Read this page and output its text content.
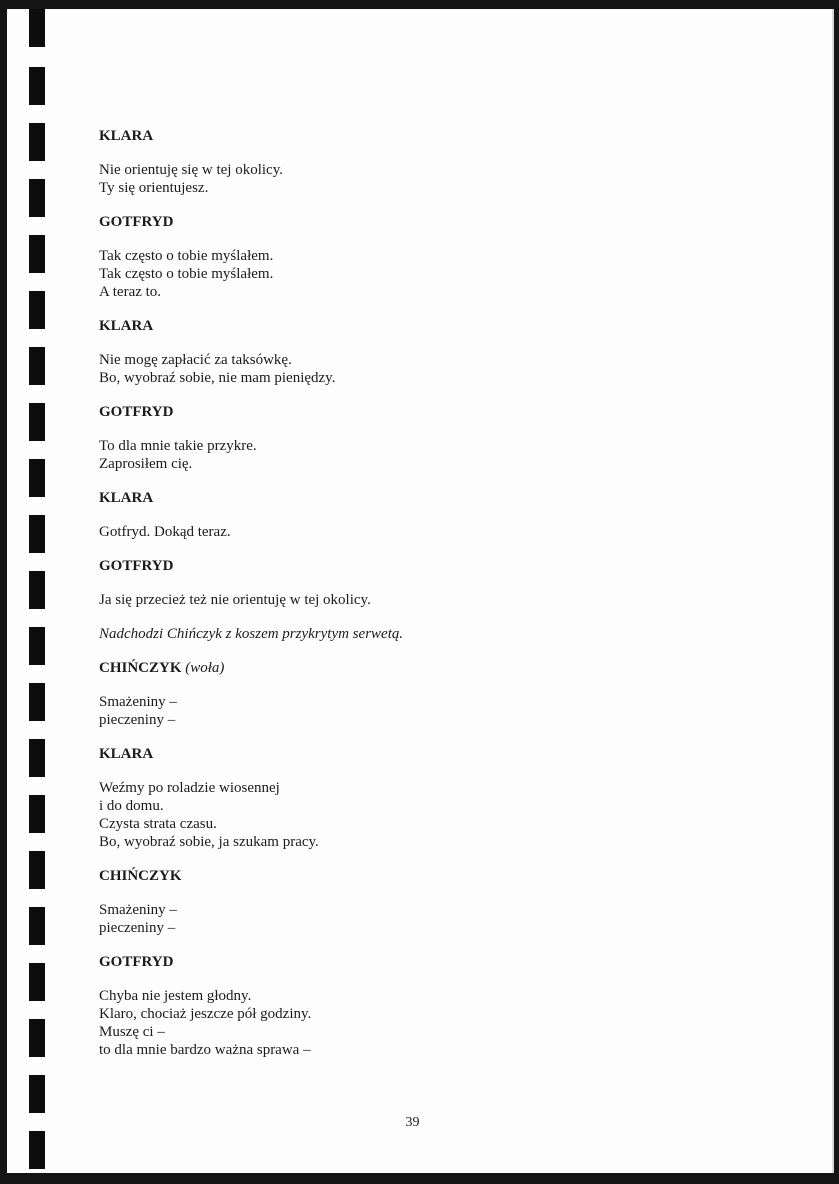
KLARA
Nie orientuję się w tej okolicy.
Ty się orientujesz.
GOTFRYD
Tak często o tobie myślałem.
Tak często o tobie myślałem.
A teraz to.
KLARA
Nie mogę zapłacić za taksówkę.
Bo, wyobraź sobie, nie mam pieniędzy.
GOTFRYD
To dla mnie takie przykre.
Zaprosiłem cię.
KLARA
Gotfryd. Dokąd teraz.
GOTFRYD
Ja się przecież też nie orientuję w tej okolicy.
Nadchodzi Chińczyk z koszem przykrytym serwetą.
CHIŃCZYK (woła)
Smażeniny –
pieczeniny –
KLARA
Weźmy po roladzie wiosennej
i do domu.
Czysta strata czasu.
Bo, wyobraź sobie, ja szukam pracy.
CHIŃCZYK
Smażeniny –
pieczeniny –
GOTFRYD
Chyba nie jestem głodny.
Klaro, chociaż jeszcze pół godziny.
Muszę ci –
to dla mnie bardzo ważna sprawa –
39
